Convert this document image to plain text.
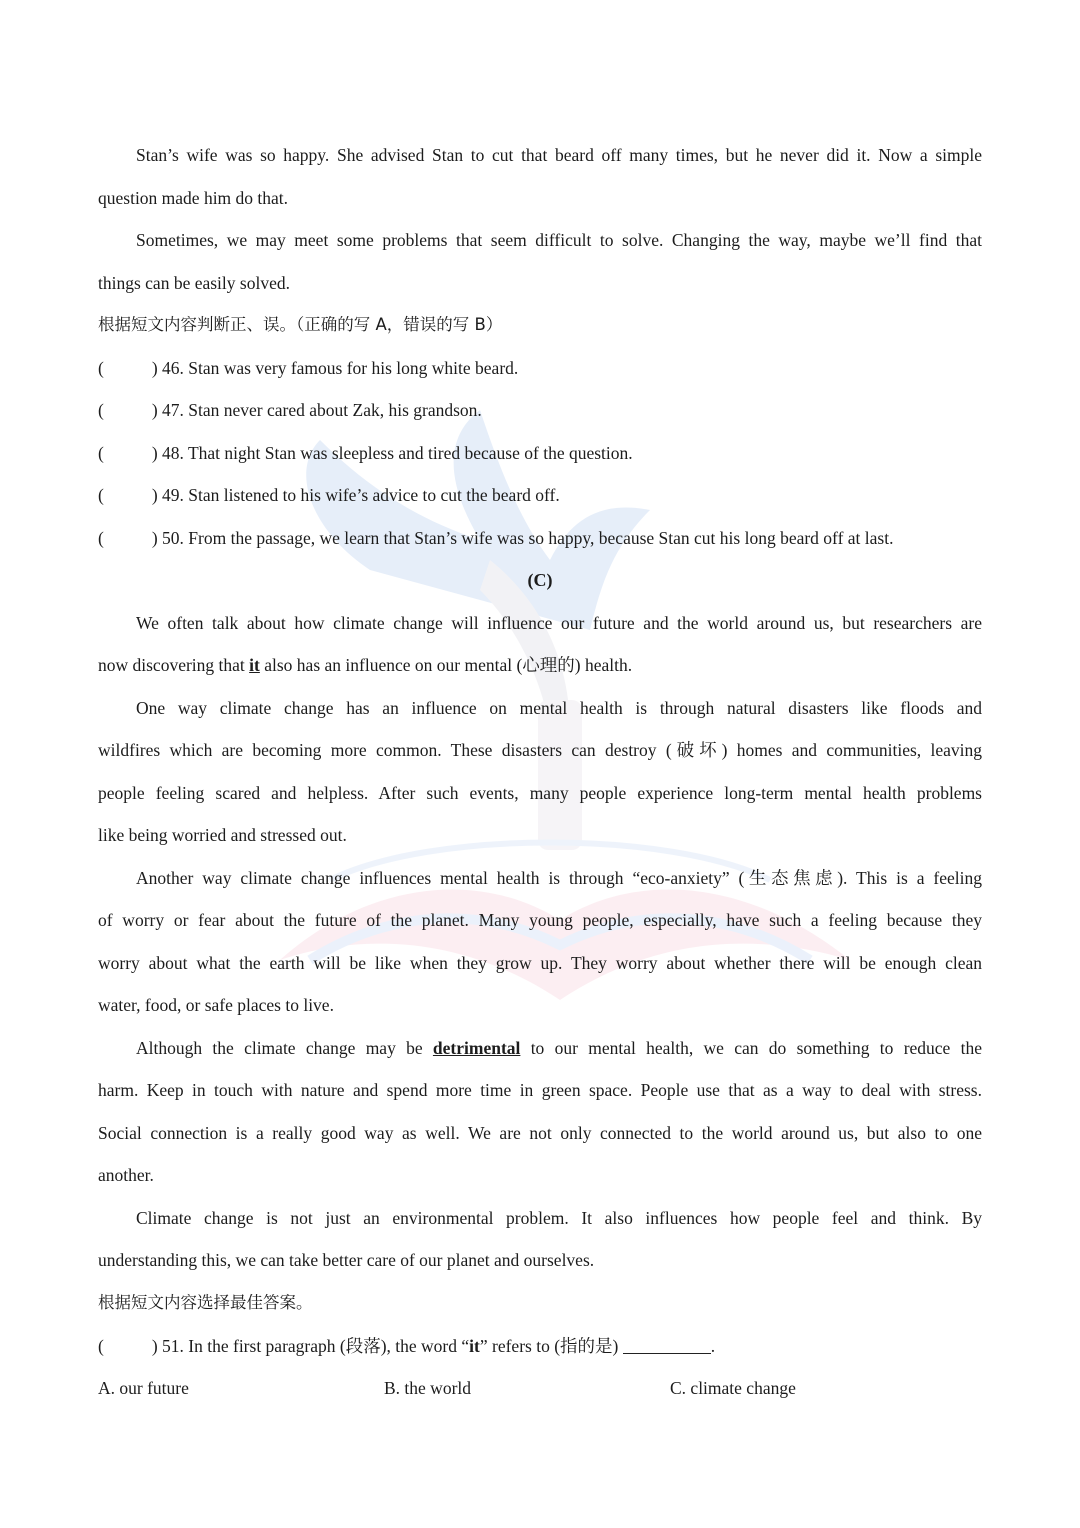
Stan’s wife was so happy. She advised Stan to cut that beard off many times, but he never did it. Now a simple
question made him do that.
Sometimes, we may meet some problems that seem difficult to solve. Changing the way, maybe we’ll find that
things can be easily solved.
根据短文内容判断正、误。（正确的写 A，错误的写 B）
(	) 46. Stan was very famous for his long white beard.
(	) 47. Stan never cared about Zak, his grandson.
(	) 48. That night Stan was sleepless and tired because of the question.
(	) 49. Stan listened to his wife’s advice to cut the beard off.
(	) 50. From the passage, we learn that Stan’s wife was so happy, because Stan cut his long beard off at last.
(C)
We often talk about how climate change will influence our future and the world around us, but researchers are
now discovering that it also has an influence on our mental (心理的) health.
One way climate change has an influence on mental health is through natural disasters like floods and
wildfires which are becoming more common. These disasters can destroy (破坏) homes and communities, leaving
people feeling scared and helpless. After such events, many people experience long-term mental health problems
like being worried and stressed out.
Another way climate change influences mental health is through “eco-anxiety” (生态焦虑). This is a feeling
of worry or fear about the future of the planet. Many young people, especially, have such a feeling because they
worry about what the earth will be like when they grow up. They worry about whether there will be enough clean
water, food, or safe places to live.
Although the climate change may be detrimental to our mental health, we can do something to reduce the
harm. Keep in touch with nature and spend more time in green space. People use that as a way to deal with stress.
Social connection is a really good way as well. We are not only connected to the world around us, but also to one
another.
Climate change is not just an environmental problem. It also influences how people feel and think. By
understanding this, we can take better care of our planet and ourselves.
根据短文内容选择最佳答案。
(	) 51. In the first paragraph (段落), the word “it” refers to (指的是)	.
A. our future	B. the world	C. climate change
